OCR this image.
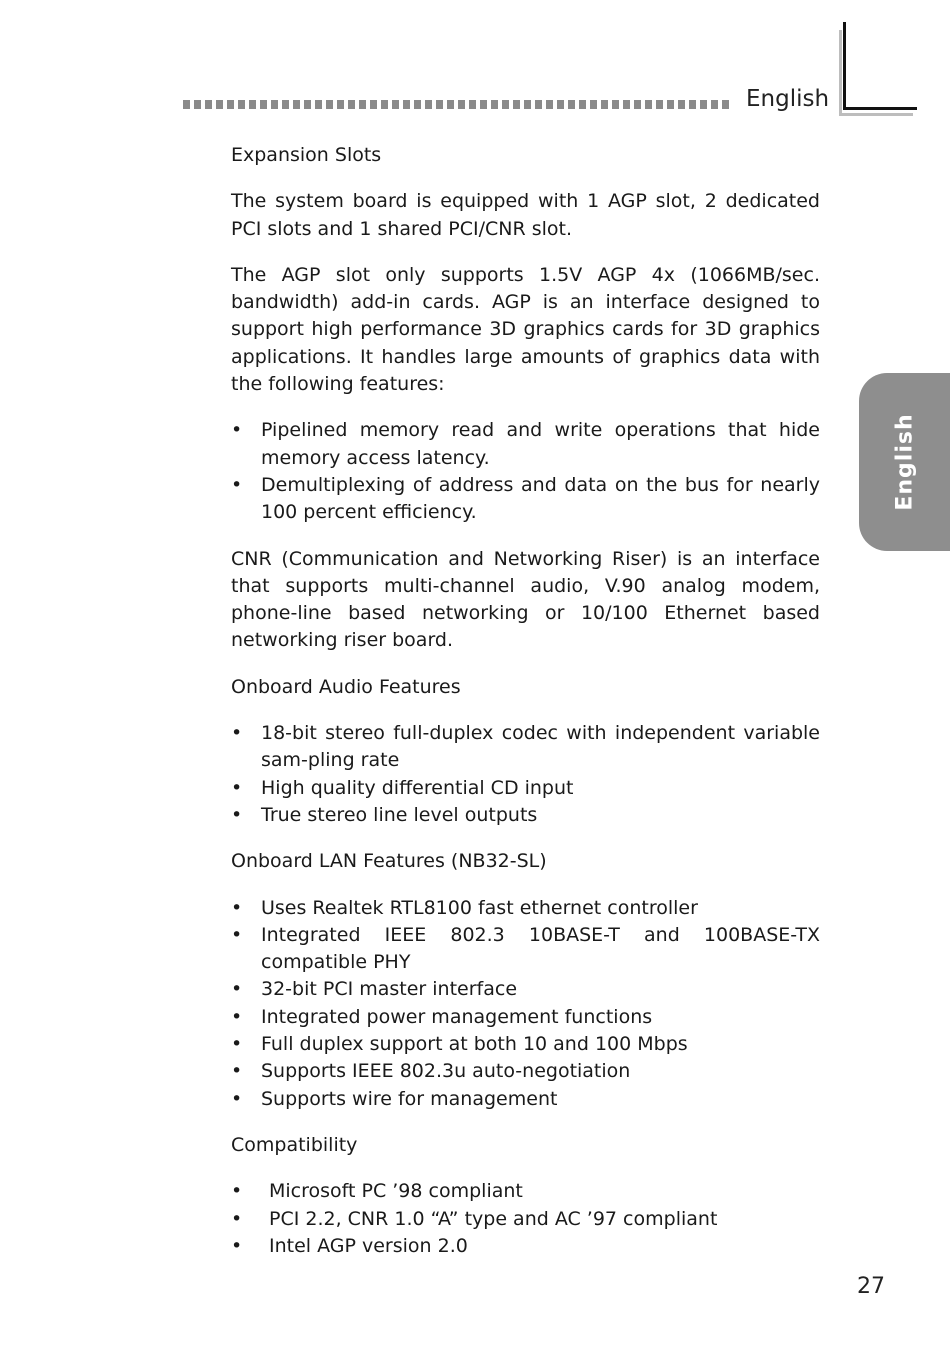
English
English
Expansion Slots

The system board is equipped with 1 AGP slot, 2 dedicated PCI slots and 1 shared PCI/CNR slot.

The AGP slot only supports 1.5V AGP 4x (1066MB/sec. bandwidth) add-in cards. AGP is an interface designed to support high performance 3D graphics cards for 3D graphics applications. It handles large amounts of graphics data with the following features:

• Pipelined memory read and write operations that hide memory access latency.
• Demultiplexing of address and data on the bus for nearly 100 percent efficiency.

CNR (Communication and Networking Riser) is an interface that supports multi-channel audio, V.90 analog modem, phone-line based networking or 10/100 Ethernet based networking riser board.

Onboard Audio Features
• 18-bit stereo full-duplex codec with independent variable sam-pling rate
• High quality differential CD input
• True stereo line level outputs
Onboard LAN Features (NB32-SL)
• Uses Realtek RTL8100 fast ethernet controller
• Integrated IEEE 802.3 10BASE-T and 100BASE-TX compatible PHY
• 32-bit PCI master interface
• Integrated power management functions
• Full duplex support at both 10 and 100 Mbps
• Supports IEEE 802.3u auto-negotiation
• Supports wire for management
Compatibility
• Microsoft PC ’98 compliant
• PCI 2.2, CNR 1.0 “A” type and AC ’97 compliant
• Intel AGP version 2.0
27
